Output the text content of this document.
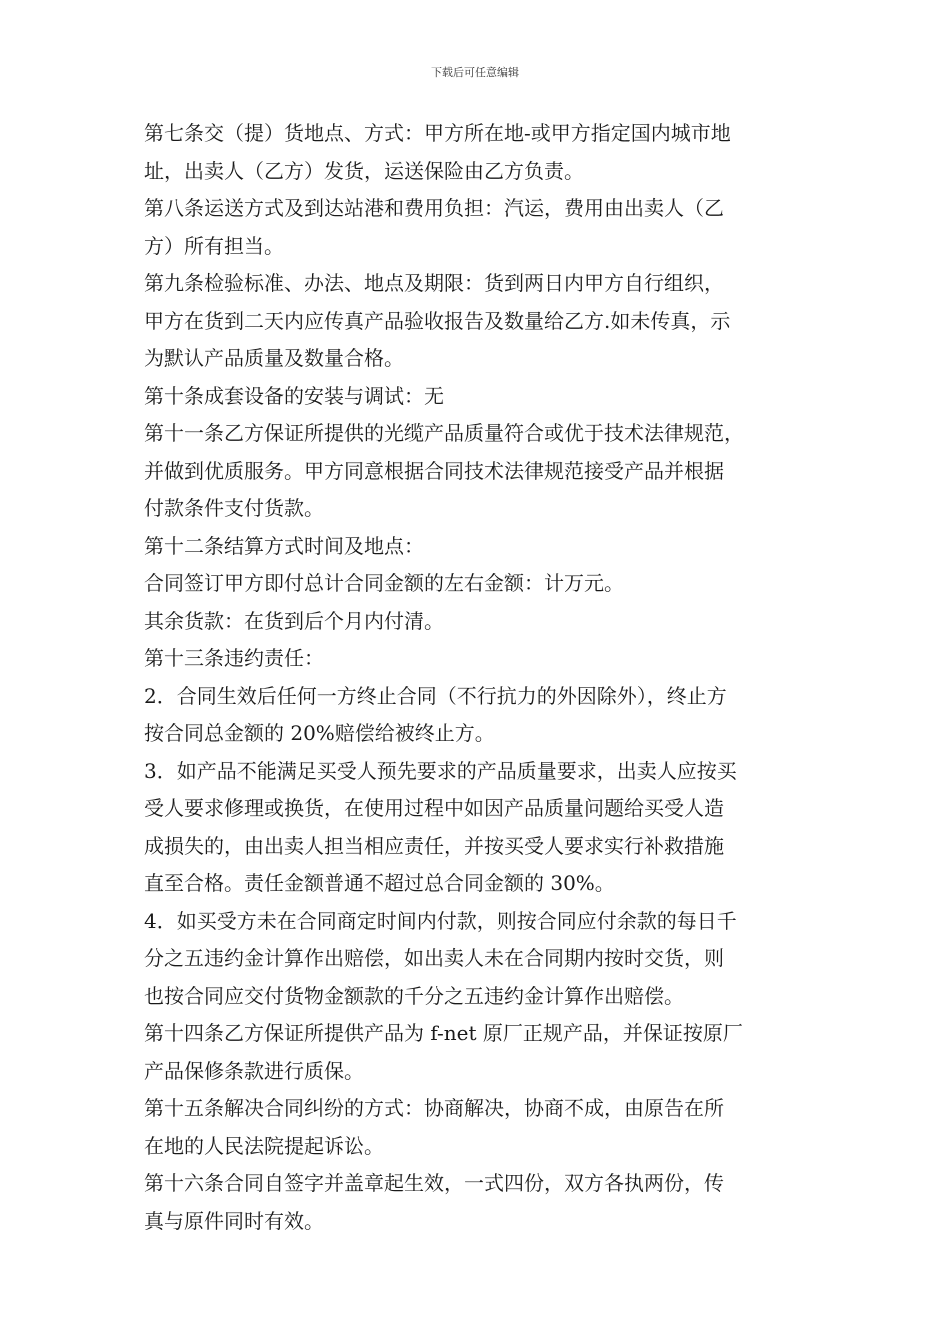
下载后可任意编辑
第七条交（提）货地点、方式：甲方所在地-或甲方指定国内城市地
址，出卖人（乙方）发货，运送保险由乙方负责。
第八条运送方式及到达站港和费用负担：汽运，费用由出卖人（乙
方）所有担当。
第九条检验标准、办法、地点及期限：货到两日内甲方自行组织，
甲方在货到二天内应传真产品验收报告及数量给乙方.如未传真，示
为默认产品质量及数量合格。
第十条成套设备的安装与调试：无
第十一条乙方保证所提供的光缆产品质量符合或优于技术法律规范，
并做到优质服务。甲方同意根据合同技术法律规范接受产品并根据
付款条件支付货款。
第十二条结算方式时间及地点：
合同签订甲方即付总计合同金额的左右金额：计万元。
其余货款：在货到后个月内付清。
第十三条违约责任：
2．合同生效后任何一方终止合同（不行抗力的外因除外），终止方
按合同总金额的 20%赔偿给被终止方。
3．如产品不能满足买受人预先要求的产品质量要求，出卖人应按买
受人要求修理或换货，在使用过程中如因产品质量问题给买受人造
成损失的，由出卖人担当相应责任，并按买受人要求实行补救措施
直至合格。责任金额普通不超过总合同金额的 30%。
4．如买受方未在合同商定时间内付款，则按合同应付余款的每日千
分之五违约金计算作出赔偿，如出卖人未在合同期内按时交货，则
也按合同应交付货物金额款的千分之五违约金计算作出赔偿。
第十四条乙方保证所提供产品为 f-net 原厂正规产品，并保证按原厂
产品保修条款进行质保。
第十五条解决合同纠纷的方式：协商解决，协商不成，由原告在所
在地的人民法院提起诉讼。
第十六条合同自签字并盖章起生效，一式四份，双方各执两份，传
真与原件同时有效。
